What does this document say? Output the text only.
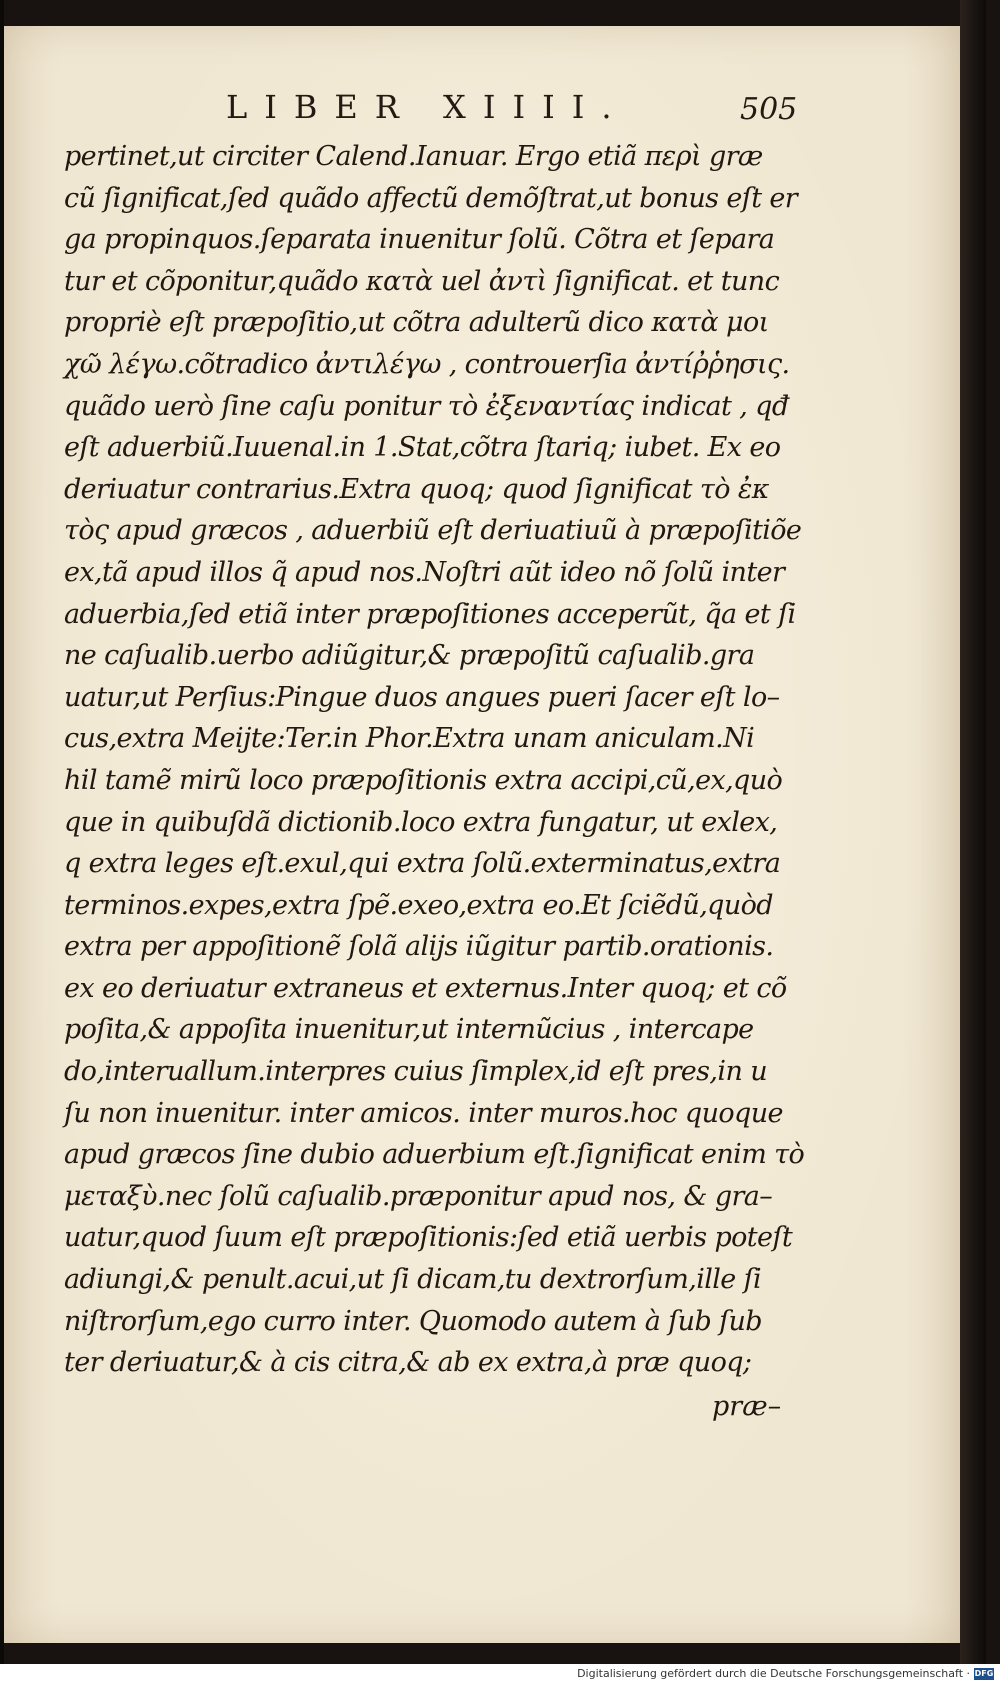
LIBER XIIII.	505
pertinet,ut circiter Calend.Ianuar. Ergo etiã περὶ græ
cũ ſignificat,ſed quãdo affectũ demõſtrat,ut bonus eſt er
ga propinquos.ſeparata inuenitur ſolũ. Cõtra et ſepara
tur et cõponitur,quãdo κατὰ uel ἀντὶ ſignificat. et tunc
propriè eſt præpoſitio,ut cõtra adulterũ dico κατὰ μοι
χῶ λέγω.cõtradico ἀντιλέγω , controuerſia ἀντίῤῥησις.
quãdo uerò ſine caſu ponitur τὸ ἐξεναντίας indicat , qđ
eſt aduerbiũ.Iuuenal.in 1.Stat,cõtra ſtariq; iubet. Ex eo
deriuatur contrarius.Extra quoq; quod ſignificat τὸ ἐκ
τὸς apud græcos , aduerbiũ eſt deriuatiuũ à præpoſitiõe
ex,tã apud illos q̃ apud nos.Noſtri aũt ideo nõ ſolũ inter
aduerbia,ſed etiã inter præpoſitiones acceperũt, q̃a et ſi
ne caſualib.uerbo adiũgitur,& præpoſitũ caſualib.gra
uatur,ut Perſius:Pingue duos angues pueri ſacer eſt lo–
cus,extra Meijte:Ter.in Phor.Extra unam aniculam.Ni
hil tamẽ mirũ loco præpoſitionis extra accipi,cũ,ex,quò
que in quibuſdã dictionib.loco extra fungatur, ut exlex,
q extra leges eſt.exul,qui extra ſolũ.exterminatus,extra
terminos.expes,extra ſpẽ.exeo,extra eo.Et ſciẽdũ,quòd
extra per appoſitionẽ ſolã alijs iũgitur partib.orationis.
ex eo deriuatur extraneus et externus.Inter quoq; et cõ
poſita,& appoſita inuenitur,ut internũcius , intercape
do,interuallum.interpres cuius ſimplex,id eſt pres,in u
ſu non inuenitur. inter amicos. inter muros.hoc quoque
apud græcos ſine dubio aduerbium eſt.ſignificat enim τὸ
μεταξὺ.nec ſolũ caſualib.præponitur apud nos, & gra–
uatur,quod ſuum eſt præpoſitionis:ſed etiã uerbis poteſt
adiungi,& penult.acui,ut ſi dicam,tu dextrorſum,ille ſi
niſtrorſum,ego curro inter. Quomodo autem à ſub ſub
ter deriuatur,& à cis citra,& ab ex extra,à præ quoq;
præ–
Digitalisierung gefördert durch die Deutsche Forschungsgemeinschaft · DFG
